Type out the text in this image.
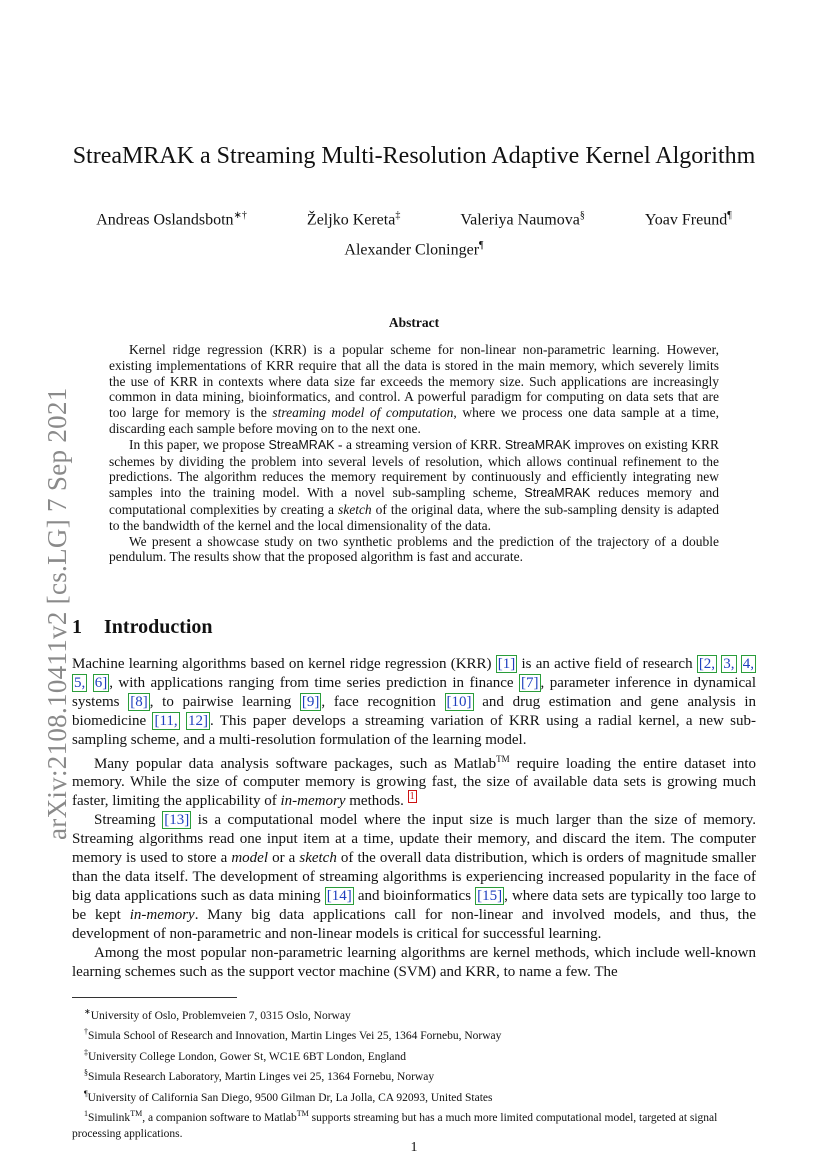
arXiv:2108.10411v2 [cs.LG] 7 Sep 2021
StreaMRAK a Streaming Multi-Resolution Adaptive Kernel Algorithm
Andreas Oslandsbotn∗†	Željko Kereta‡	Valeriya Naumova§	Yoav Freund¶
Alexander Cloninger¶
Abstract

Kernel ridge regression (KRR) is a popular scheme for non-linear non-parametric learning. However, existing implementations of KRR require that all the data is stored in the main memory, which severely limits the use of KRR in contexts where data size far exceeds the memory size. Such applications are increasingly common in data mining, bioinformatics, and control. A powerful paradigm for computing on data sets that are too large for memory is the streaming model of computation, where we process one data sample at a time, discarding each sample before moving on to the next one.

In this paper, we propose StreaMRAK - a streaming version of KRR. StreaMRAK improves on existing KRR schemes by dividing the problem into several levels of resolution, which allows continual refinement to the predictions. The algorithm reduces the memory requirement by continuously and efficiently integrating new samples into the training model. With a novel sub-sampling scheme, StreaMRAK reduces memory and computational complexities by creating a sketch of the original data, where the sub-sampling density is adapted to the bandwidth of the kernel and the local dimensionality of the data.

We present a showcase study on two synthetic problems and the prediction of the trajectory of a double pendulum. The results show that the proposed algorithm is fast and accurate.

1 Introduction

Machine learning algorithms based on kernel ridge regression (KRR) [1] is an active field of research [2, 3, 4, 5, 6] , with applications ranging from time series prediction in finance [7] , parameter inference in dynamical systems [8] , to pairwise learning [9] , face recognition [10] and drug estimation and gene analysis in biomedicine [11, 12] . This paper develops a streaming variation of KRR using a radial kernel, a new sub-sampling scheme, and a multi-resolution formulation of the learning model.

Many popular data analysis software packages, such as Matlab™ require loading the entire dataset into memory. While the size of computer memory is growing fast, the size of available data sets is growing much faster, limiting the applicability of in-memory methods. $^1$

Streaming [13] is a computational model where the input size is much larger than the size of memory. Streaming algorithms read one input item at a time, update their memory, and discard the item. The computer memory is used to store a model or a sketch of the overall data distribution, which is orders of magnitude smaller than the data itself. The development of streaming algorithms is experiencing increased popularity in the face of big data applications such as data mining [14] and bioinformatics [15] , where data sets are typically too large to be kept in-memory. Many big data applications call for non-linear and involved models, and thus, the development of non-parametric and non-linear models is critical for successful learning.

Among the most popular non-parametric learning algorithms are kernel methods, which include well-known learning schemes such as the support vector machine (SVM) and KRR, to name a few. The

∗University of Oslo, Problemveien 7, 0315 Oslo, Norway
†Simula School of Research and Innovation, Martin Linges Vei 25, 1364 Fornebu, Norway
‡University College London, Gower St, WC1E 6BT London, England
§Simula Research Laboratory, Martin Linges vei 25, 1364 Fornebu, Norway
¶University of California San Diego, 9500 Gilman Dr, La Jolla, CA 92093, United States
$^1$Simulink™, a companion software to Matlab™ supports streaming but has a much more limited computational model, targeted at signal processing applications.
1
